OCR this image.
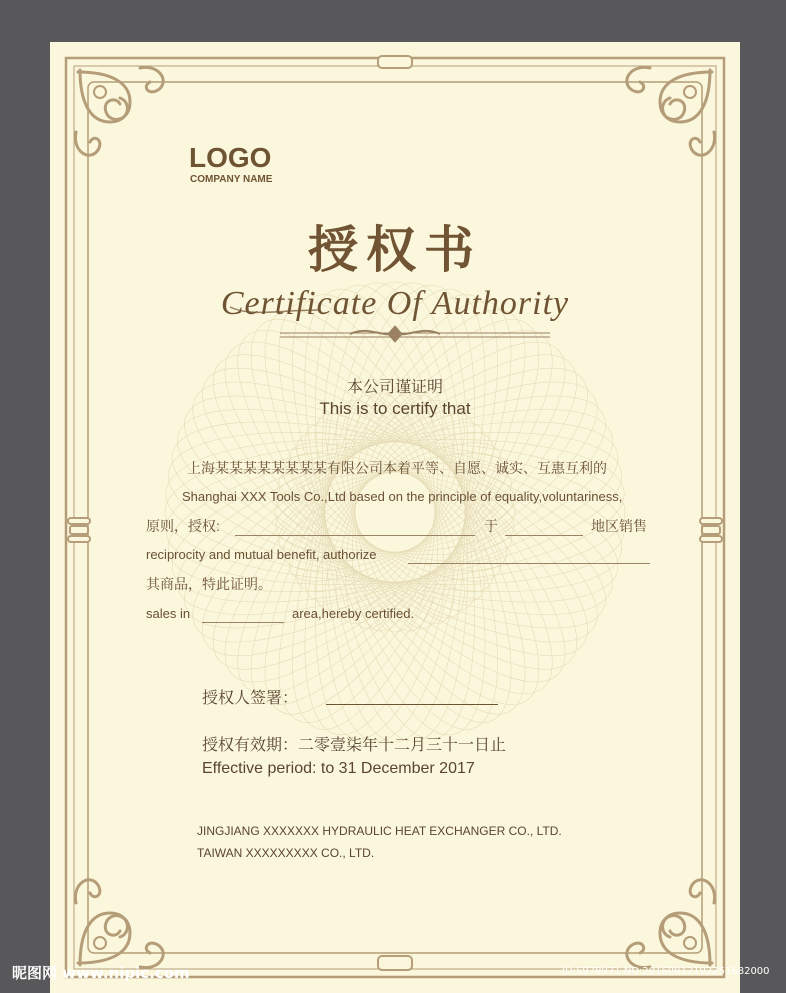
LOGO
COMPANY NAME
授权书
Certificate Of Authority
本公司谨证明
This is to certify that
上海某某某某某某某某有限公司本着平等、自愿、诚实、互惠互利的
Shanghai XXX Tools Co.,Ltd based on the principle of equality,voluntariness,
原则，授权:	于	地区销售
reciprocity and mutual benefit, authorize
其商品，特此证明。
sales in	area,hereby certified.
授权人签署：
授权有效期：二零壹柒年十二月三十一日止
Effective period: to 31 December 2017
JINGJIANG XXXXXXX HYDRAULIC HEAT EXCHANGER CO., LTD.
TAIWAN XXXXXXXXX CO., LTD.
昵图网 www.nipic.com	ID:5978971 NO:20160812192251682000
